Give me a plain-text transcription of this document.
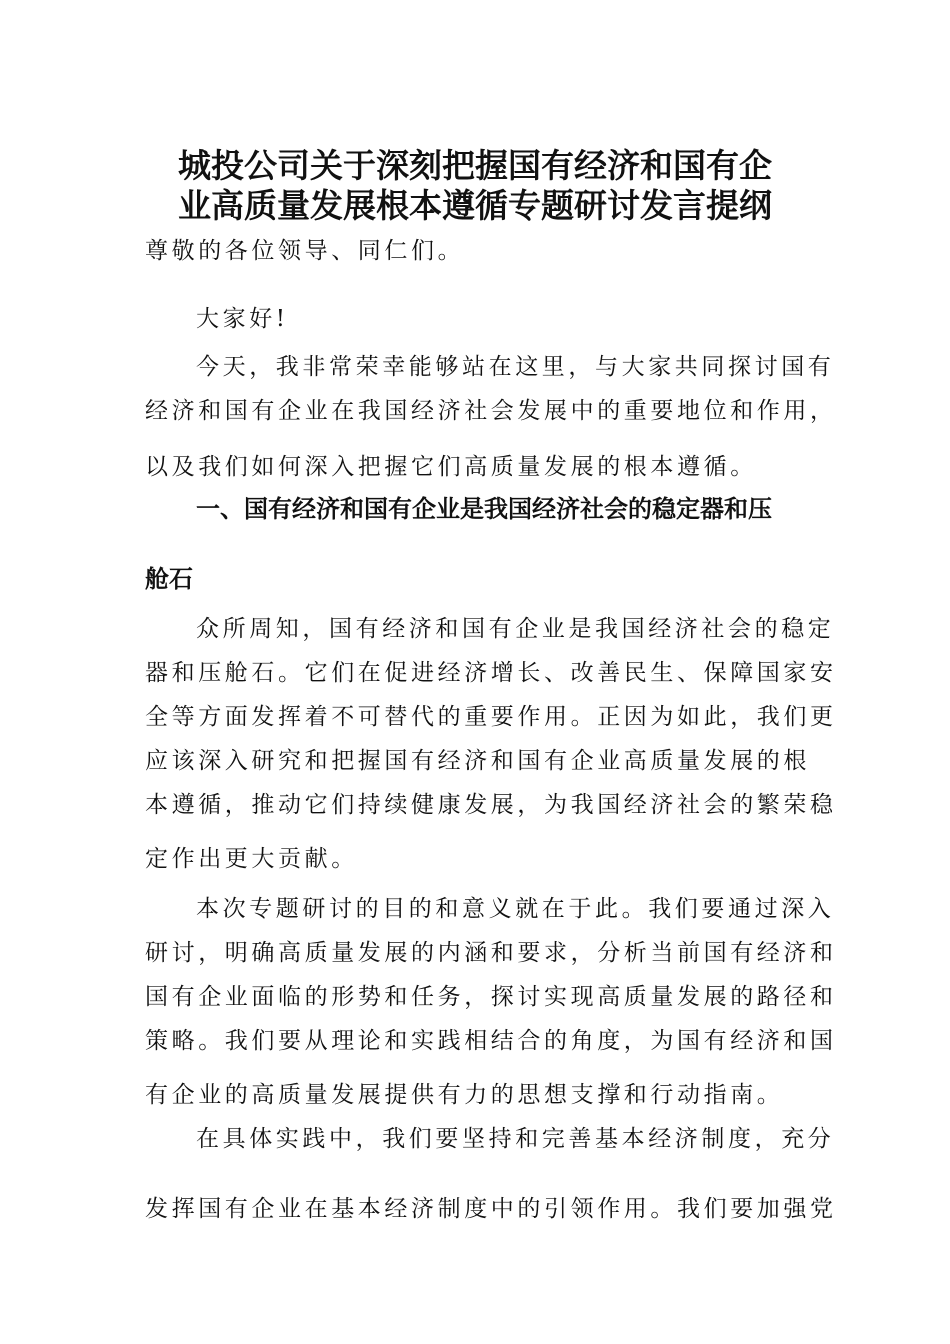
城投公司关于深刻把握国有经济和国有企
业高质量发展根本遵循专题研讨发言提纲
尊敬的各位领导、同仁们。
大家好!
今天，我非常荣幸能够站在这里，与大家共同探讨国有
经济和国有企业在我国经济社会发展中的重要地位和作用，
以及我们如何深入把握它们高质量发展的根本遵循。
一、国有经济和国有企业是我国经济社会的稳定器和压
舱石
众所周知，国有经济和国有企业是我国经济社会的稳定
器和压舱石。它们在促进经济增长、改善民生、保障国家安
全等方面发挥着不可替代的重要作用。正因为如此，我们更
应该深入研究和把握国有经济和国有企业高质量发展的根
本遵循，推动它们持续健康发展，为我国经济社会的繁荣稳
定作出更大贡献。
本次专题研讨的目的和意义就在于此。我们要通过深入
研讨，明确高质量发展的内涵和要求，分析当前国有经济和
国有企业面临的形势和任务，探讨实现高质量发展的路径和
策略。我们要从理论和实践相结合的角度，为国有经济和国
有企业的高质量发展提供有力的思想支撑和行动指南。
在具体实践中，我们要坚持和完善基本经济制度，充分
发挥国有企业在基本经济制度中的引领作用。我们要加强党
